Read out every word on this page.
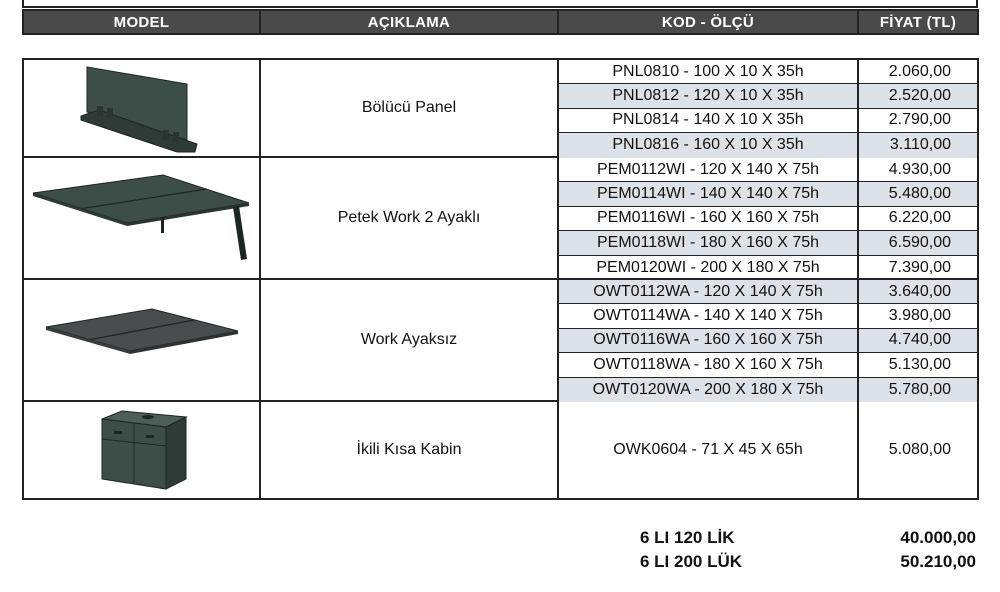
MODEL	AÇIKLAMA	KOD - ÖLÇÜ	FİYAT (TL)
Bölücü Panel
PNL0810 - 100 X 10 X 35h	2.060,00
PNL0812 - 120 X 10 X 35h	2.520,00
PNL0814 - 140 X 10 X 35h	2.790,00
PNL0816 - 160 X 10 X 35h	3.110,00
Petek Work 2 Ayaklı
PEM0112WI - 120 X 140 X 75h	4.930,00
PEM0114WI - 140 X 140 X 75h	5.480,00
PEM0116WI - 160 X 160 X 75h	6.220,00
PEM0118WI - 180 X 160 X 75h	6.590,00
PEM0120WI - 200 X 180 X 75h	7.390,00
Work Ayaksız
OWT0112WA - 120 X 140 X 75h	3.640,00
OWT0114WA - 140 X 140 X 75h	3.980,00
OWT0116WA - 160 X 160 X 75h	4.740,00
OWT0118WA - 180 X 160 X 75h	5.130,00
OWT0120WA - 200 X 180 X 75h	5.780,00
İkili Kısa Kabin	OWK0604 - 71 X 45 X 65h	5.080,00
6 LI 120 LİK	40.000,00
6 LI 200 LÜK	50.210,00
